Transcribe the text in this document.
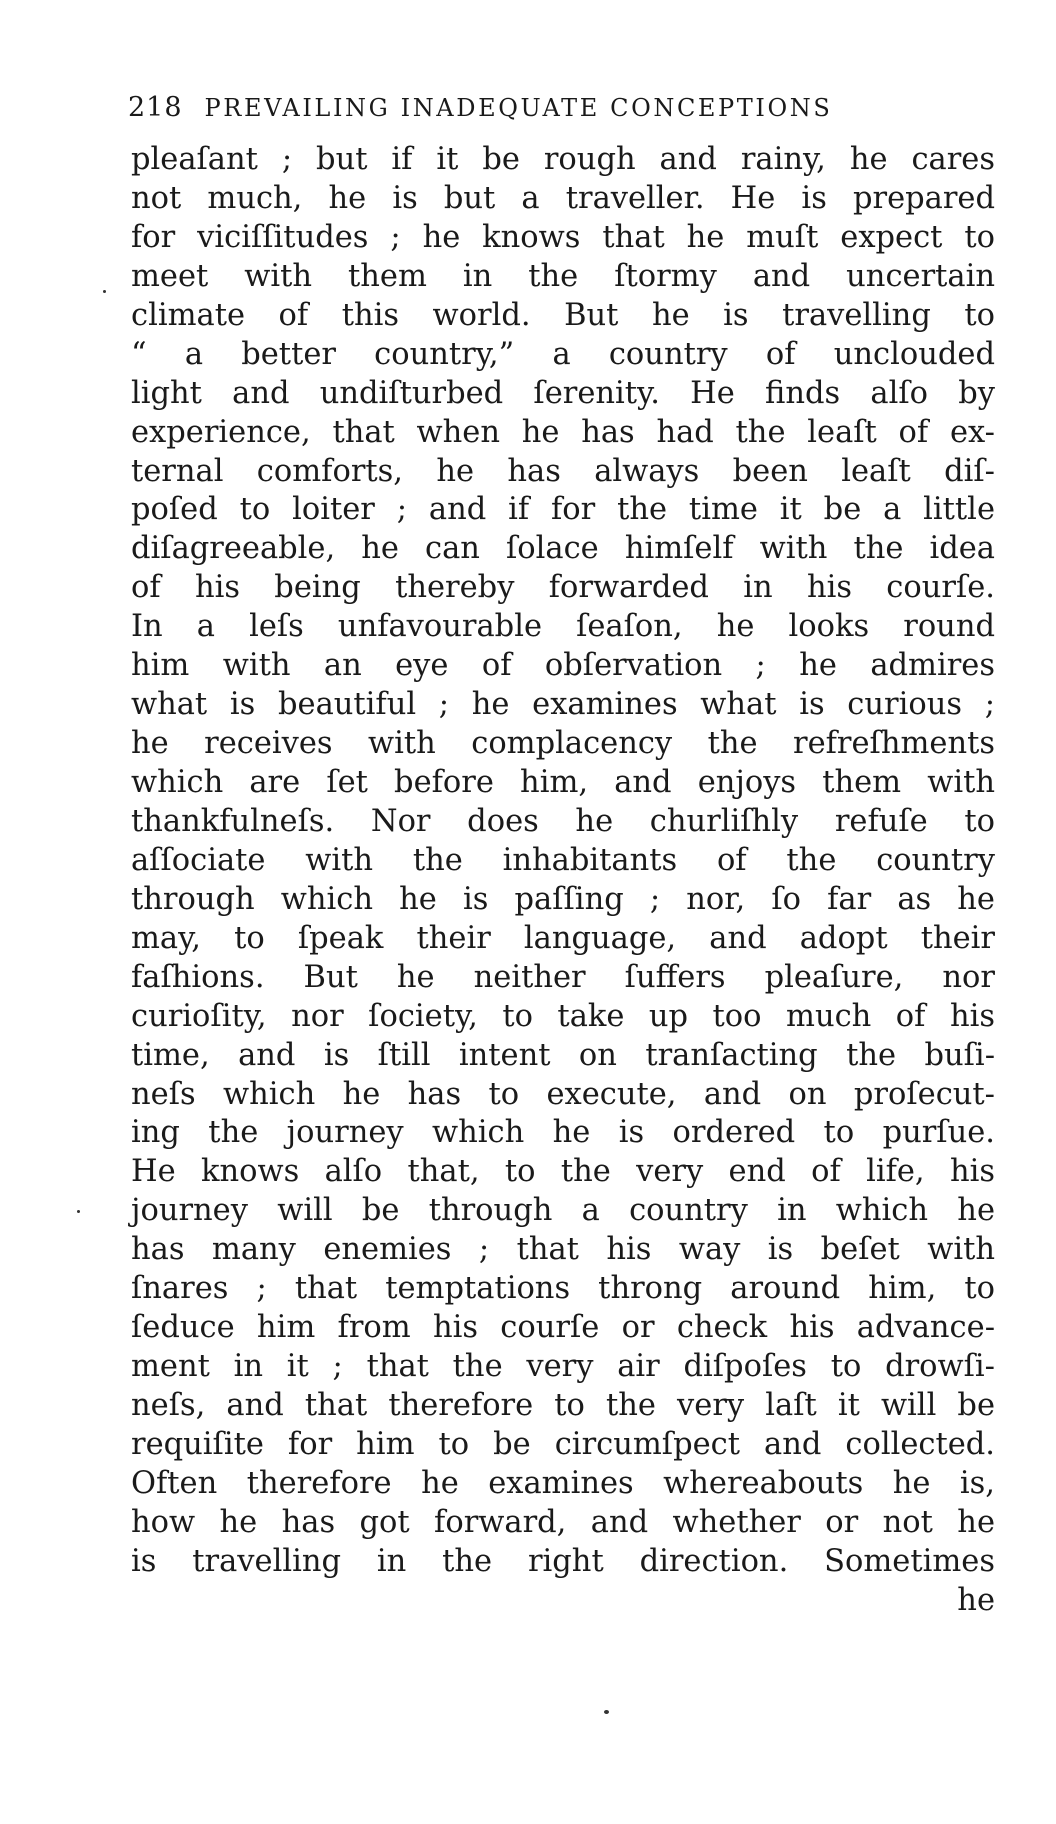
218 PREVAILING INADEQUATE CONCEPTIONS
pleaſant ; but if it be rough and rainy, he cares
not much, he is but a traveller. He is prepared
for viciſſitudes ; he knows that he muſt expect to
meet with them in the ſtormy and uncertain
climate of this world. But he is travelling to
“ a better country,” a country of unclouded
light and undiſturbed ſerenity. He finds alſo by
experience, that when he has had the leaſt of ex-
ternal comforts, he has always been leaſt diſ-
poſed to loiter ; and if for the time it be a little
diſagreeable, he can ſolace himſelf with the idea
of his being thereby forwarded in his courſe.
In a leſs unfavourable ſeaſon, he looks round
him with an eye of obſervation ; he admires
what is beautiful ; he examines what is curious ;
he receives with complacency the refreſhments
which are ſet before him, and enjoys them with
thankfulneſs. Nor does he churliſhly refuſe to
aſſociate with the inhabitants of the country
through which he is paſſing ; nor, ſo far as he
may, to ſpeak their language, and adopt their
faſhions. But he neither ſuffers pleaſure, nor
curioſity, nor ſociety, to take up too much of his
time, and is ſtill intent on tranſacting the buſi-
neſs which he has to execute, and on proſecut-
ing the journey which he is ordered to purſue.
He knows alſo that, to the very end of life, his
journey will be through a country in which he
has many enemies ; that his way is beſet with
ſnares ; that temptations throng around him, to
ſeduce him from his courſe or check his advance-
ment in it ; that the very air diſpoſes to drowſi-
neſs, and that therefore to the very laſt it will be
requiſite for him to be circumſpect and collected.
Often therefore he examines whereabouts he is,
how he has got forward, and whether or not he
is travelling in the right direction. Sometimes
he
